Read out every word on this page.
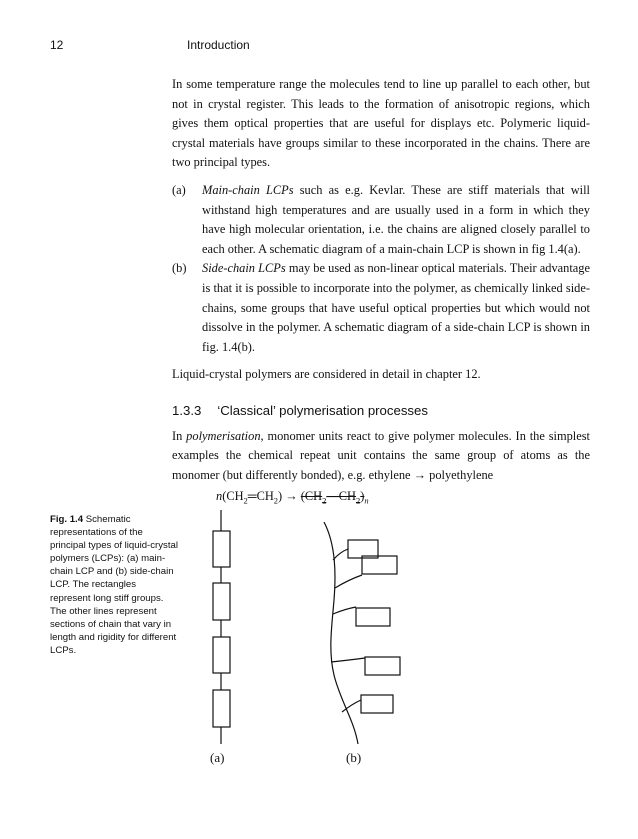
12	Introduction

In some temperature range the molecules tend to line up parallel to each other, but not in crystal register. This leads to the formation of anisotropic regions, which gives them optical properties that are useful for displays etc. Polymeric liquid-crystal materials have groups similar to these incorporated in the chains. There are two principal types.

(a) Main-chain LCPs such as e.g. Kevlar. These are stiff materials that will withstand high temperatures and are usually used in a form in which they have high molecular orientation, i.e. the chains are aligned closely parallel to each other. A schematic diagram of a main-chain LCP is shown in fig 1.4(a).
(b) Side-chain LCPs may be used as non-linear optical materials. Their advantage is that it is possible to incorporate into the polymer, as chemically linked side-chains, some groups that have useful optical properties but which would not dissolve in the polymer. A schematic diagram of a side-chain LCP is shown in fig. 1.4(b).

Liquid-crystal polymers are considered in detail in chapter 12.

1.3.3 ‘Classical’ polymerisation processes

In polymerisation, monomer units react to give polymer molecules. In the simplest examples the chemical repeat unit contains the same group of atoms as the monomer (but differently bonded), e.g. ethylene → polyethylene

$n(CH_2═CH_2)$ → $(CH_2—CH_2)_n$
Fig. 1.4 Schematic representations of the principal types of liquid-crystal polymers (LCPs): (a) main-chain LCP and (b) side-chain LCP. The rectangles represent long stiff groups. The other lines represent sections of chain that vary in length and rigidity for different LCPs.
(a)	(b)
